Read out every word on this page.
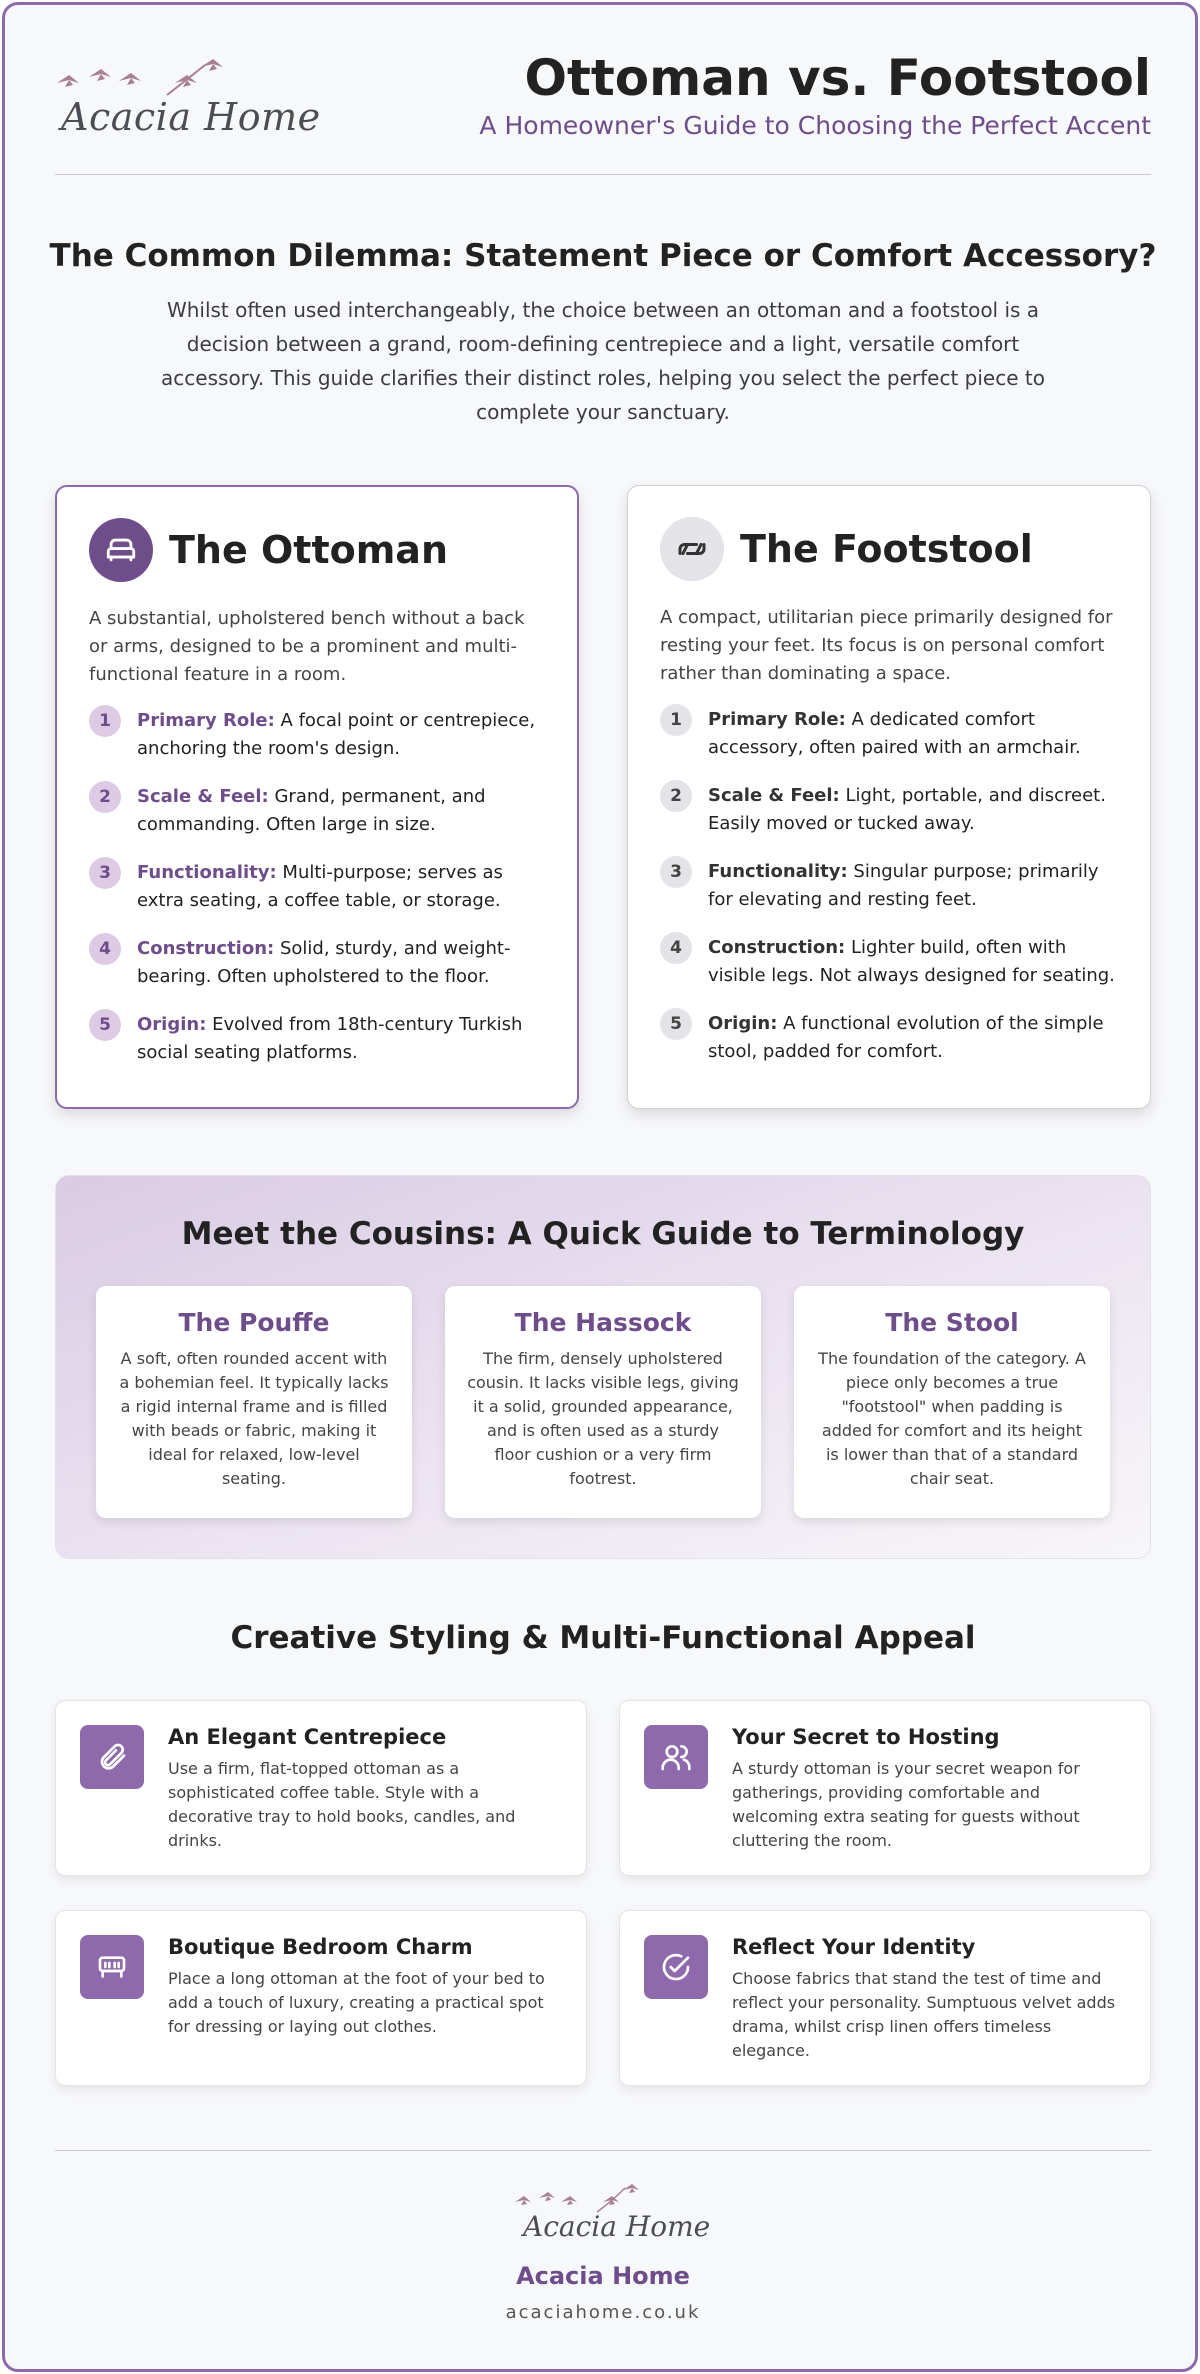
Acacia Home
Ottoman vs. Footstool
A Homeowner's Guide to Choosing the Perfect Accent
The Common Dilemma: Statement Piece or Comfort Accessory?
Whilst often used interchangeably, the choice between an ottoman and a footstool is a decision between a grand, room-defining centrepiece and a light, versatile comfort accessory. This guide clarifies their distinct roles, helping you select the perfect piece to complete your sanctuary.
The Ottoman
A substantial, upholstered bench without a back or arms, designed to be a prominent and multi-functional feature in a room.
1	Primary Role: A focal point or centrepiece, anchoring the room's design.
2	Scale & Feel: Grand, permanent, and commanding. Often large in size.
3	Functionality: Multi-purpose; serves as extra seating, a coffee table, or storage.
4	Construction: Solid, sturdy, and weight-bearing. Often upholstered to the floor.
5	Origin: Evolved from 18th-century Turkish social seating platforms.
The Footstool
A compact, utilitarian piece primarily designed for resting your feet. Its focus is on personal comfort rather than dominating a space.
1	Primary Role: A dedicated comfort accessory, often paired with an armchair.
2	Scale & Feel: Light, portable, and discreet. Easily moved or tucked away.
3	Functionality: Singular purpose; primarily for elevating and resting feet.
4	Construction: Lighter build, often with visible legs. Not always designed for seating.
5	Origin: A functional evolution of the simple stool, padded for comfort.
Meet the Cousins: A Quick Guide to Terminology
The Pouffe
A soft, often rounded accent with a bohemian feel. It typically lacks a rigid internal frame and is filled with beads or fabric, making it ideal for relaxed, low-level seating.
The Hassock
The firm, densely upholstered cousin. It lacks visible legs, giving it a solid, grounded appearance, and is often used as a sturdy floor cushion or a very firm footrest.
The Stool
The foundation of the category. A piece only becomes a true "footstool" when padding is added for comfort and its height is lower than that of a standard chair seat.
Creative Styling & Multi-Functional Appeal
An Elegant Centrepiece
Use a firm, flat-topped ottoman as a sophisticated coffee table. Style with a decorative tray to hold books, candles, and drinks.
Your Secret to Hosting
A sturdy ottoman is your secret weapon for gatherings, providing comfortable and welcoming extra seating for guests without cluttering the room.
Boutique Bedroom Charm
Place a long ottoman at the foot of your bed to add a touch of luxury, creating a practical spot for dressing or laying out clothes.
Reflect Your Identity
Choose fabrics that stand the test of time and reflect your personality. Sumptuous velvet adds drama, whilst crisp linen offers timeless elegance.
Acacia Home
Acacia Home
acaciahome.co.uk
